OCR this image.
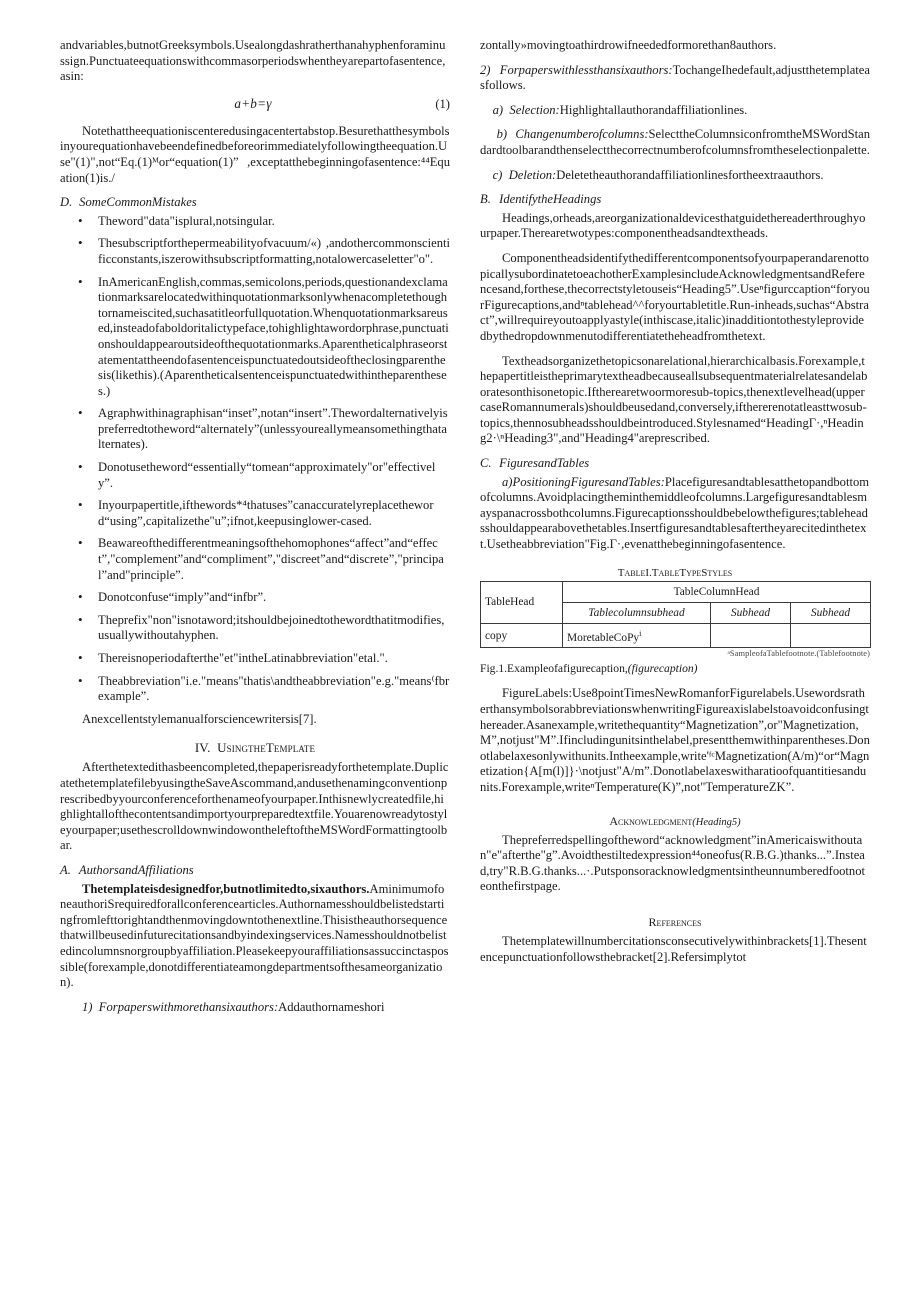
andvariables,butnotGreeksymbols.Usealongdashratherthanahyphenforaminussign.Punctuateequationswithcommasorperiodswhentheyarepartofasentence,asin:

a+b=γ	(1)

Notethattheequationiscenteredusingacentertabstop.Besurethatthesymbolsinyourequationhavebeendefinedbeforeorimmediatelyfollowingtheequation.Use"(1)",not“Eq.(1)ᴹor“equation(1)” ,exceptatthebeginningofasentence:⁴⁴Equation(1)is./

D. SomeCommonMistakes
• Theword"data"isplural,notsingular.
• Thesubscriptforthepermeabilityofvacuum/«) ,andothercommonscientificconstants,iszerowithsubscriptformatting,notalowercaseletter"o".
• InAmericanEnglish,commas,semicolons,periods,questionandexclamationmarksarelocatedwithinquotationmarksonlywhenacompletethoughtornameiscited,suchasatitleorfullquotation.Whenquotationmarksareused,insteadofaboldoritalictypeface,tohighlightawordorphrase,punctuationshouldappearoutsideofthequotationmarks.Aparentheticalphraseorstatementattheendofasentenceispunctuatedoutsideoftheclosingparenthesis(likethis).(Aparentheticalsentenceispunctuatedwithintheparentheses.)
• Agraphwithinagraphisan“inset”,notan“insert”.Thewordalternativelyispreferredtotheword“alternately”(unlessyoureallymeansomethingthatalternates).
• Donotusetheword“essentially“tomean“approximately"or"effectively”.
• Inyourpapertitle,ifthewords*⁴thatuses”canaccuratelyreplacetheword“using”,capitalizethe"u”;ifnot,keepusinglower-cased.
• Beawareofthedifferentmeaningsofthehomophones“affect”and“effect”,"complement”and“compliment”,"discreet”and“discrete”,"principal”and"principle”.
• Donotconfuse“imply”and“infbr”.
• Theprefix"non"isnotaword;itshouldbejoinedtothewordthatitmodifies,usuallywithoutahyphen.
• Thereisnoperiodafterthe"et"intheLatinabbreviation"etal.".
• Theabbreviation"i.e."means"thatis\andtheabbreviation"e.g."means⁽fbrexample”.

Anexcellentstylemanualforsciencewritersis[7].

IV. UsingtheTemplate

Afterthetextedithasbeencompleted,thepaperisreadyforthetemplate.DuplicatethetemplatefilebyusingtheSaveAscommand,andusethenamingconventionprescribedbyyourconferenceforthenameofyourpaper.Inthisnewlycreatedfile,highlightallofthecontentsandimportyourpreparedtextfile.Youarenowreadytostyleyourpaper;usethescrolldownwindowontheleftoftheMSWordFormattingtoolbar.

A. AuthorsandAffiliations

Thetemplateisdesignedfor,butnotlimitedto,sixauthors.AminimumofoneauthoriSrequiredforallconferencearticles.Authornamesshouldbelistedstartingfromlefttorightandthenmovingdowntothenextline.Thisistheauthorsequencethatwillbeusedinfuturecitationsandbyindexingservices.Namesshouldnotbelistedincolumnsnorgroupbyaffiliation.Pleasekeepyouraffiliationsassuccinctaspossible(forexample,donotdifferentiateamongdepartmentsofthesameorganization).

1) Forpaperswithmorethansixauthors:Addauthornameshori

zontally»movingtoathirdrowifneededformorethan8authors.

2) Forpaperswithlessthansixauthors:TochangeIhedefault,adjustthetemplateasfollows.

a) Selection:Highlightallauthorandaffiliationlines.

b) Changenumberofcolumns:SelecttheColumnsiconfromtheMSWordStandardtoolbarandthenselectthecorrectnumberofcolumnsfromtheselectionpalette.

c) Deletion:Deletetheauthorandaffiliationlinesfortheextraauthors.

B. IdentifytheHeadings

Headings,orheads,areorganizationaldevicesthatguidethereaderthroughyourpaper.Therearetwotypes:componentheadsandtextheads.

ComponentheadsidentifythedifferentcomponentsofyourpaperandarenottopicallysubordinatetoeachotherExamplesincludeAcknowledgmentsandReferencesand,forthese,thecorrectstyletouseis“Heading5”.Useⁿfigurccaption“foryourFigurecaptions,andⁿtablehead^^foryourtabletitle.Run-inheads,suchas“Abstract”,willrequireyoutoapplyastyle(inthiscase,italic)inadditiontothestyleprovidedbythedropdownmenutodifferentiatetheheadfromthetext.

Textheadsorganizethetopicsonarelational,hierarchicalbasis.Forexample,thepapertitleistheprimarytextheadbecauseallsubsequentmaterialrelatesandelaboratesonthisonetopic.Iftherearetwoormoresub-topics,thenextlevelhead(uppercaseRomannumerals)shouldbeusedand,conversely,ifthererenotatleasttwosub-topics,thennosubheadsshouldbeintroduced.Stylesnamed“HeadingΓ·,ⁿHeading2·\ⁿHeading3",and"Heading4"areprescribed.

C. FiguresandTables

a)PositioningFiguresandTables:Placefiguresandtablesatthetopandbottomofcolumns.Avoidplacingtheminthemiddleofcolumns.Largefiguresandtablesmayspanacrossbothcolumns.Figurecaptionsshouldbebelowthefigures;tableheadsshouldappearabovethetables.Insertfiguresandtablesaftertheyarecitedinthetext.Usetheabbreviation"Fig.Γ·,evenatthebeginningofasentence.

TableI.TableTypeStyles
TableHead	TableColumnHead		
	Tablecolumnsubhead	Subhead	Subhead
copy	MoretableCoPy$^i$		
ᵃSampleofaTablefootnote.(Tablefootnote)
Fig.1.Exampleofafigurecaption,(figurecaption)

FigureLabels:Use8pointTimesNewRomanforFigurelabels.UsewordsratherthansymbolsorabbreviationswhenwritingFigureaxislabelstoavoidconfusingthereader.Asanexample,writethequantity“Magnetization”,or"Magnetization,M”,notjust"M”.Ifincludingunitsinthelabel,presentthemwithinparentheses.Donotlabelaxesonlywithunits.Intheexample,write'ᶠᶜMagnetization(A/m)“or“Magnetization{A[m(l)]}·\notjust"A/m”.Donotlabelaxeswitharatioofquantitiesandunits.Forexample,writeⁿTemperature(K)”,not"TemperatureZK”.

Acknowledgment(Heading5)

Thepreferredspellingoftheword“acknowledgment”inAmericaiswithoutan"e"afterthe"g”.Avoidthestiltedexpression⁴⁴oneofus(R.B.G.)thanks...”.Instead,try"R.B.G.thanks...·.Putsponsoracknowledgmentsintheunnumberedfootnoteonthefirstpage.

References

Thetemplatewillnumbercitationsconsecutivelywithinbrackets[1].Thesentencepunctuationfollowsthebracket[2].Refersimplytot
